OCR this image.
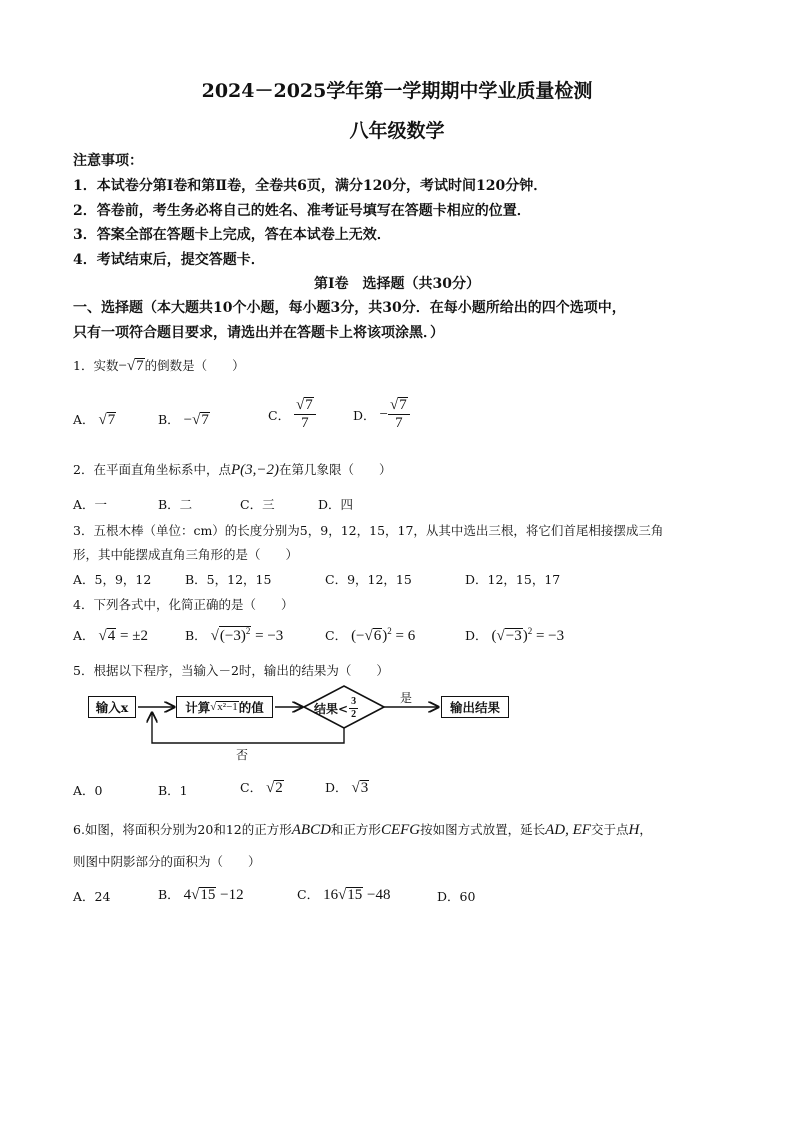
2024－2025学年第一学期期中学业质量检测
八年级数学
注意事项：
1．本试卷分第Ⅰ卷和第Ⅱ卷，全卷共6页，满分120分，考试时间120分钟．
2．答卷前，考生务必将自己的姓名、准考证号填写在答题卡相应的位置．
3．答案全部在答题卡上完成，答在本试卷上无效．
4．考试结束后，提交答题卡．
第Ⅰ卷　选择题（共30分）
一、选择题（本大题共10个小题，每小题3分，共30分．在每小题所给出的四个选项中，
只有一项符合题目要求，请选出并在答题卡上将该项涂黑．）
1．实数−√7的倒数是（　　）
A． √7	B． −√7	C． $\frac{√7}{7}$	D． − $\frac{√7}{7}$
2．在平面直角坐标系中，点P(3,−2)在第几象限（　　）
A．一	B．二	C．三	D．四
3．五根木棒（单位：cm）的长度分别为5，9，12，15，17，从其中选出三根，将它们首尾相接摆成三角
形，其中能摆成直角三角形的是（　　）
A．5，9，12	B．5，12，15	C．9，12，15	D．12，15，17
4．下列各式中，化简正确的是（　　）
A． √4 = ±2	B． $√(-3)^2 = -3$	C． $(-√6)^2 = 6$	D． $(√-3)^2 = -3$
5．根据以下程序，当输入－2时，输出的结果为（　　）
输入x	计算 √x²−1 的值	结果< $\frac{3}{2}$	是
否
输出结果
A．0	B．1	C． √2	D． √3
6.如图，将面积分别为20和12的正方形ABCD和正方形CEFG按如图方式放置，延长AD, EF交于点H，
则图中阴影部分的面积为（　　）
A．24	B． 4√15 −12	C． 16√15 −48	D．60
